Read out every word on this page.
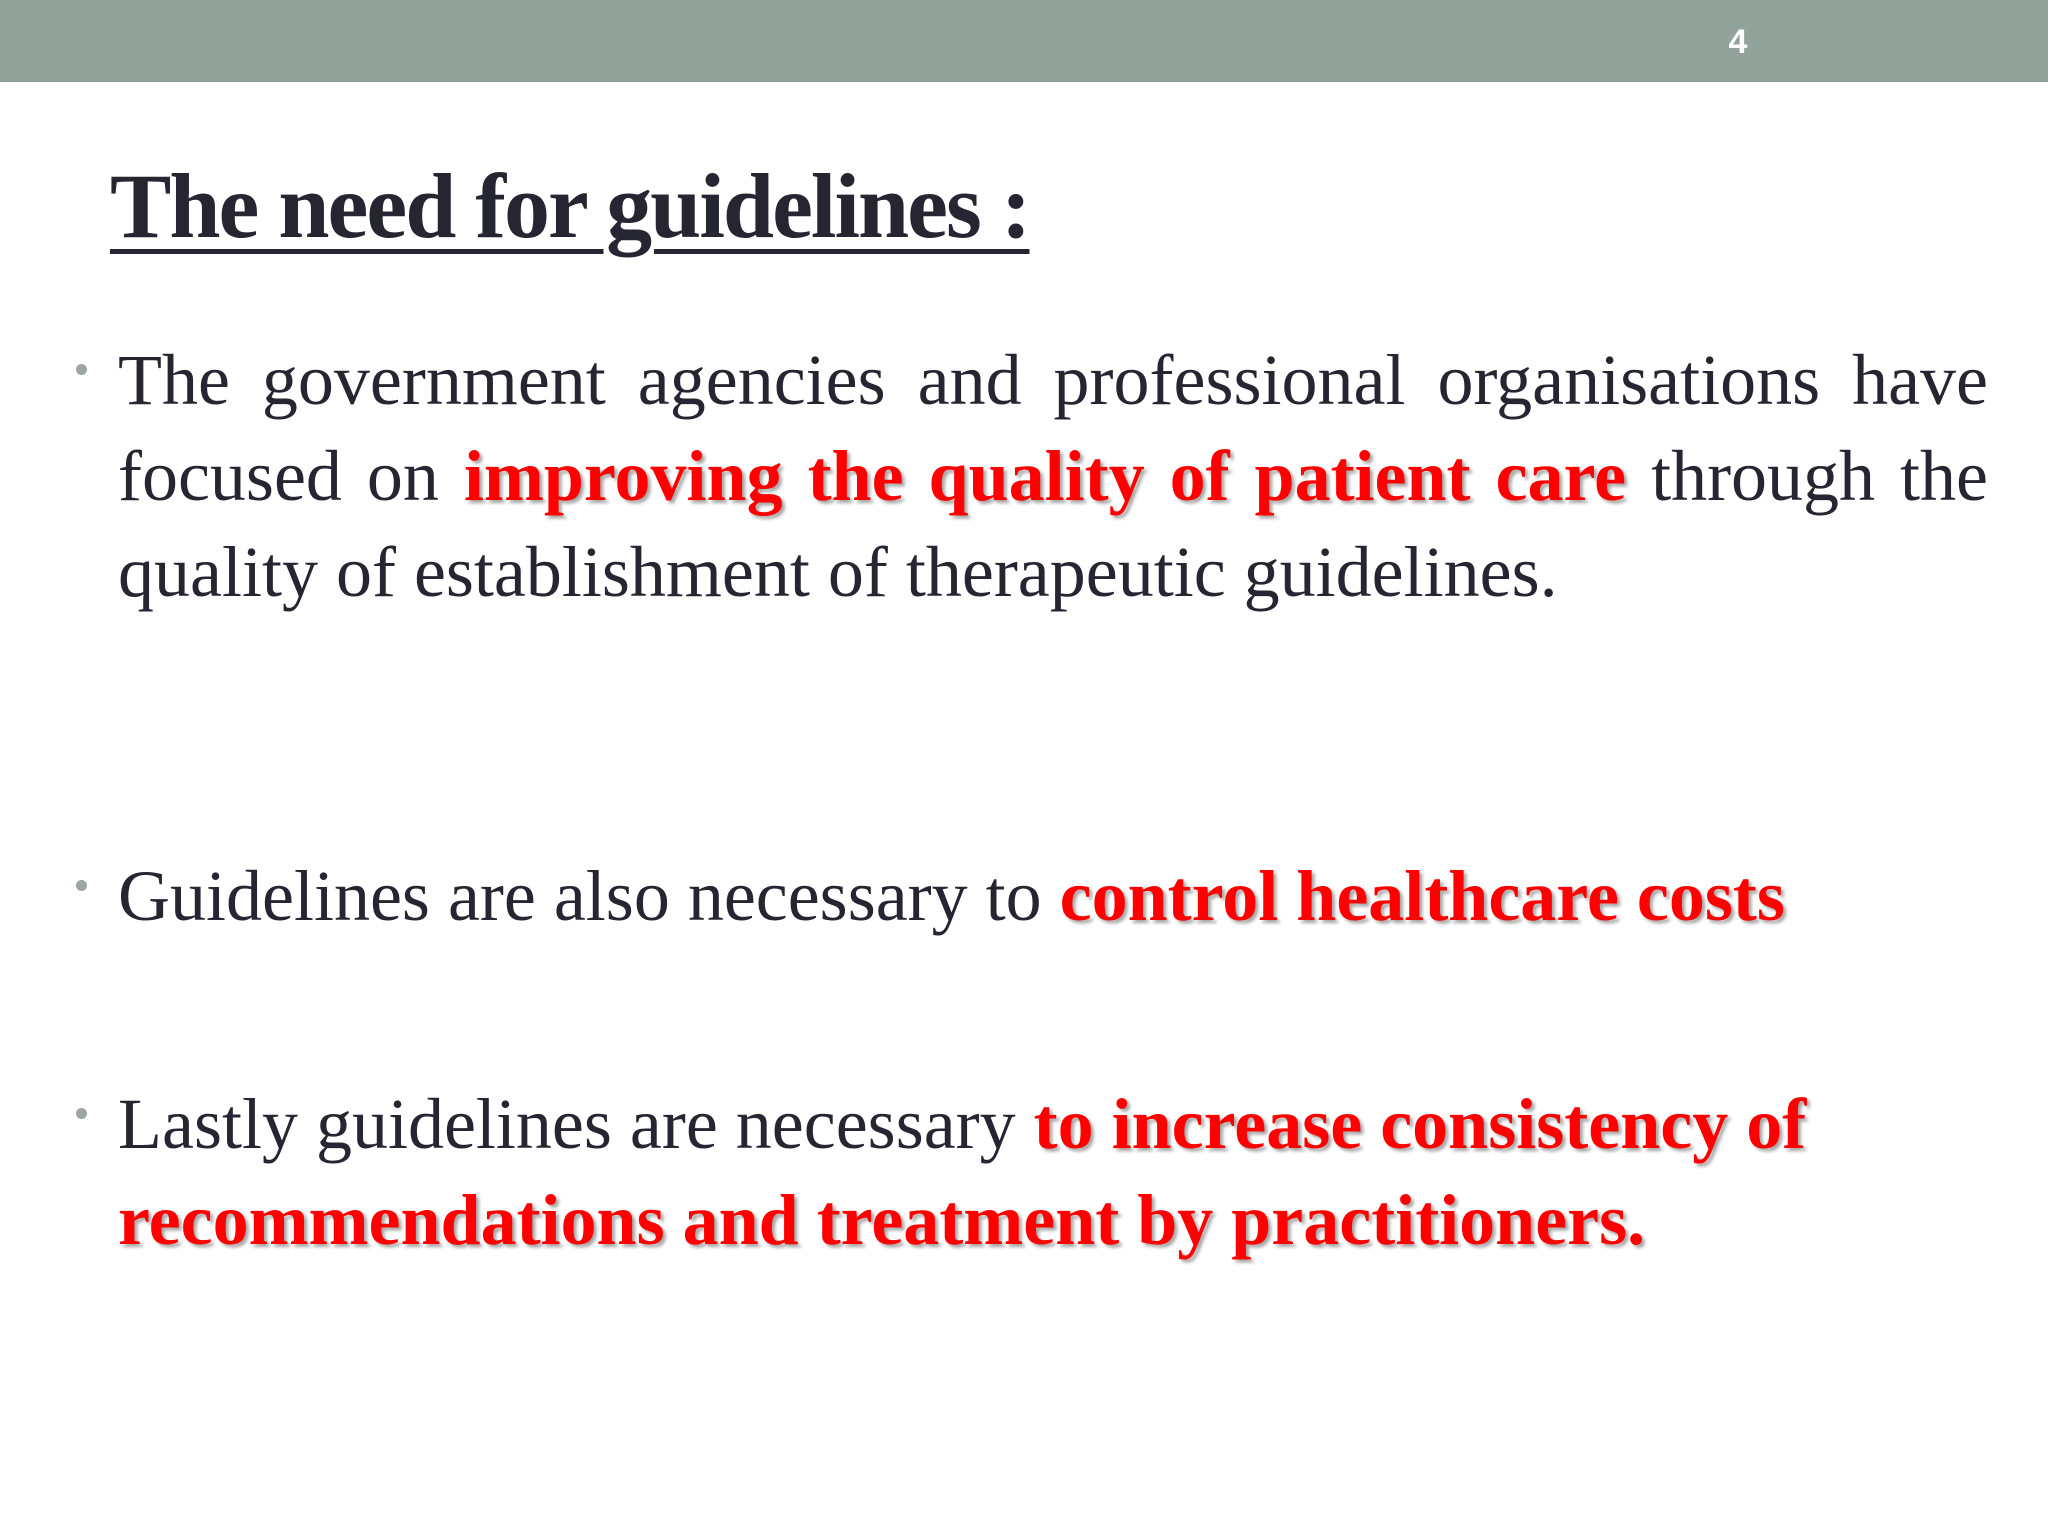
4
The need for guidelines :
The government agencies and professional organisations have focused on improving the quality of patient care through the quality of establishment of therapeutic guidelines.
Guidelines are also necessary to control healthcare costs
Lastly guidelines are necessary to increase consistency of recommendations and treatment by practitioners.
